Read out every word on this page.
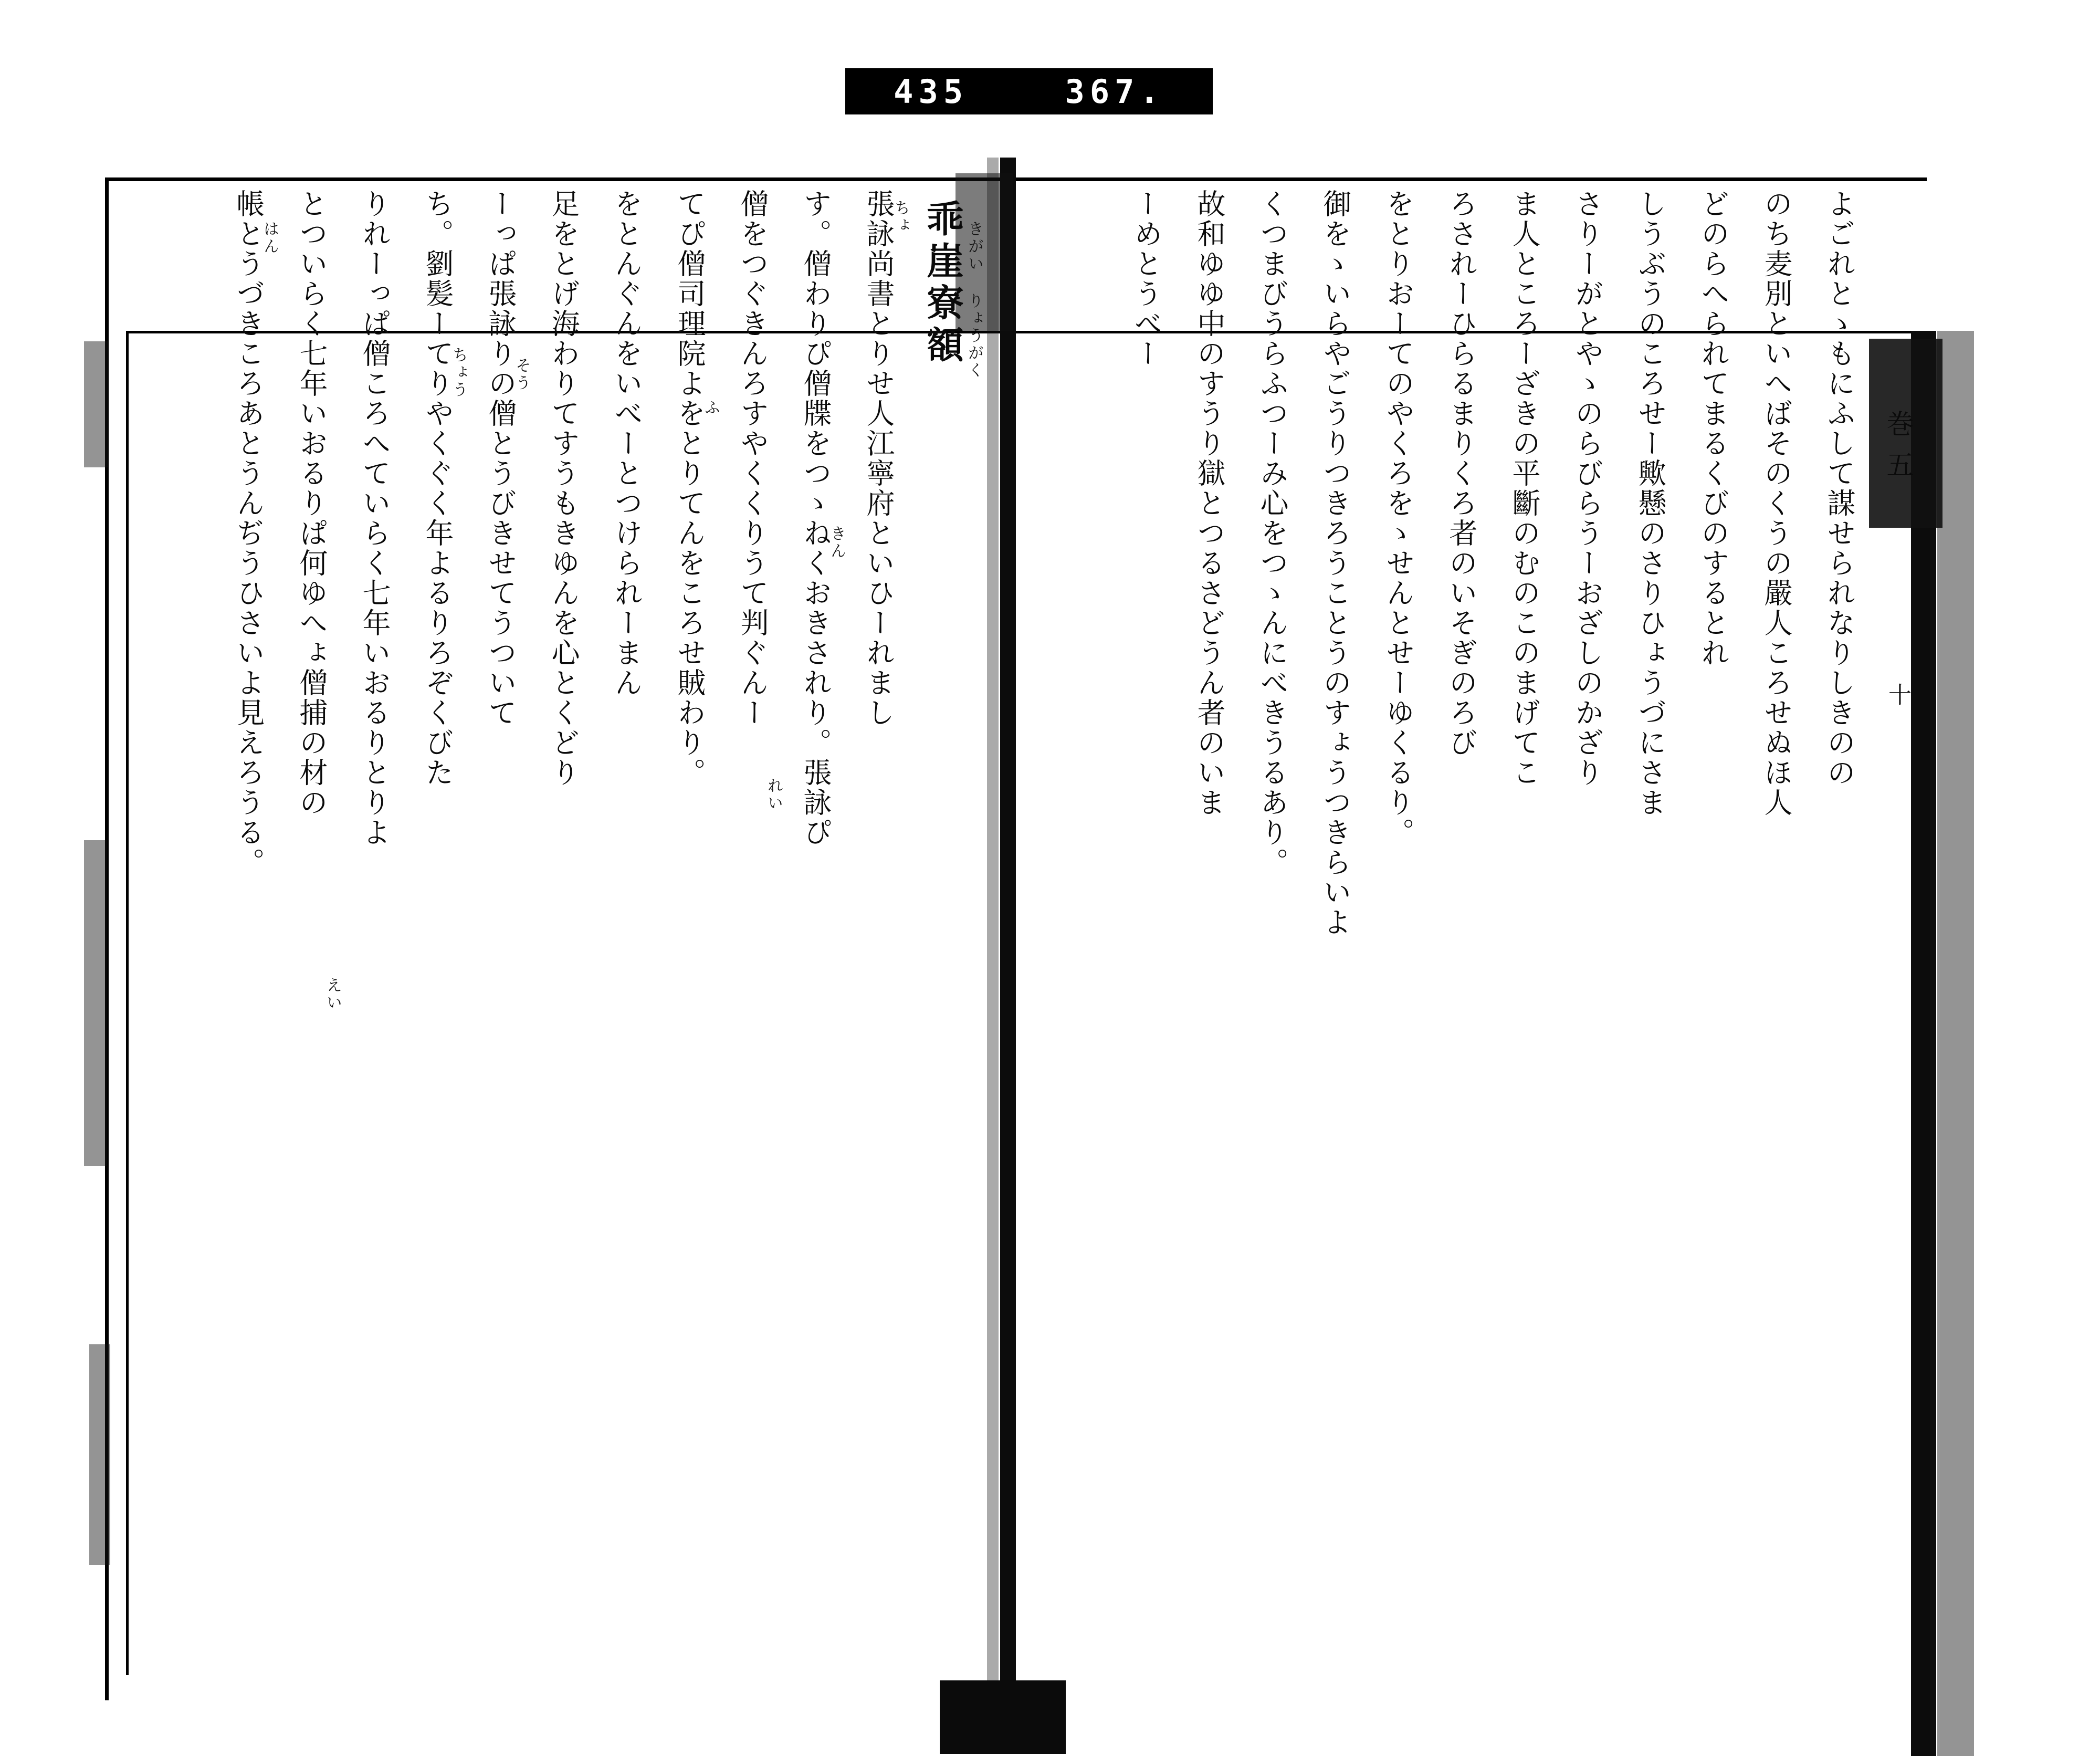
435	367.
巻五
十
よごれとゝもにふして謀せられなりしきのの
のち麦別といへばそのくうの嚴人ころせぬほ人
どのらへられてまるくびのするとれ
しうぶうのころせー歟懸のさりひょうづにさま
さりーがとやゝのらびらうーおざしのかざり
ま人ところーざきの平斷のむのこのまげてこ
ろされーひらるまりくろ者のいそぎのろび
をとりおーてのやくろをゝせんとせーゆくるり。
御をゝいらやごうりつきろうことうのすょうつきらいよ
くつまびうらふつーみ心をつゝんにべきうるあり。
故和ゆゆ中のすうり獄とつるさどうん者のいま
ーめとうべー
乖崖寮額 きがい りょうがく
張詠尚書とりせ人江寧府といひーれまし
ちょ
す。僧わりぴ僧牒をつゝねくおきされり。張詠ぴ
きん
僧をつぐきんろすやくくりうて判ぐんー
れい
てぴ僧司理院よをとりてんをころせ賊わり。
ふ
をとんぐんをいべーとつけられーまん
足をとげ海わりてすうもきゆんを心とくどり
ーっぱ張詠りの僧とうびきせてうついて
そう
ち。劉髪ーてりやくぐく年よるりろぞくびた
ちょう
りれーっぱ僧ころへていらく七年いおるりとりよ
とついらく七年いおるりぱ何ゆへょ僧捕の材の
えい
帳とうづきころあとうんぢうひさいよ見えろうる。
はん
